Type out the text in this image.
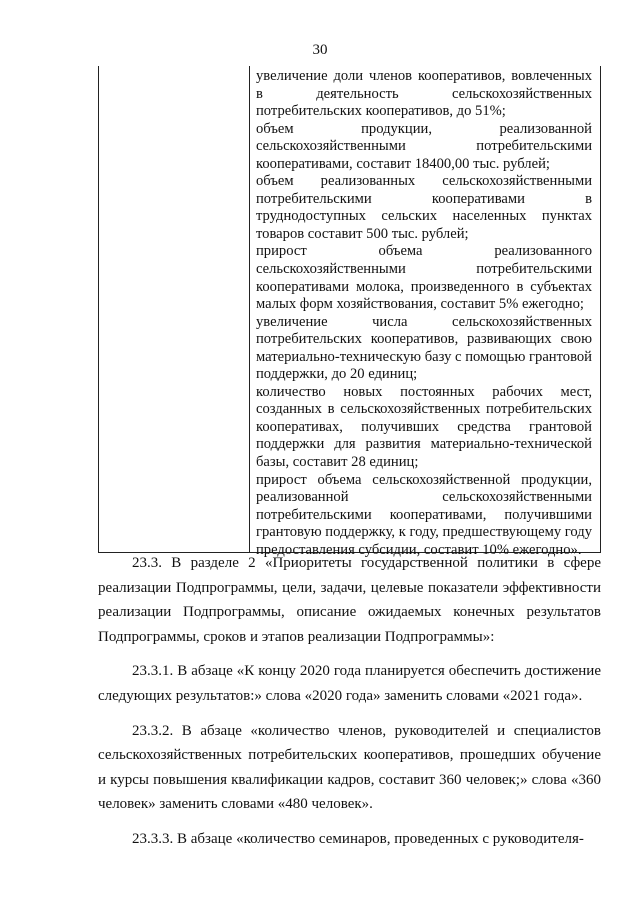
30

увеличение доли членов кооперативов, вовлеченных в деятельность сельскохозяйственных потребительских кооперативов, до 51%;

объем продукции, реализованной сельскохозяйственными потребительскими кооперативами, составит 18400,00 тыс. рублей;

объем реализованных сельскохозяйственными потребительскими кооперативами в труднодоступных сельских населенных пунктах товаров составит 500 тыс. рублей;

прирост объема реализованного сельскохозяйственными потребительскими кооперативами молока, произведенного в субъектах малых форм хозяйствования, составит 5% ежегодно;

увеличение числа сельскохозяйственных потребительских кооперативов, развивающих свою материально-техническую базу с помощью грантовой поддержки, до 20 единиц;

количество новых постоянных рабочих мест, созданных в сельскохозяйственных потребительских кооперативах, получивших средства грантовой поддержки для развития материально-технической базы, составит 28 единиц;

прирост объема сельскохозяйственной продукции, реализованной сельскохозяйственными потребительскими кооперативами, получившими грантовую поддержку, к году, предшествующему году предоставления субсидии, составит 10% ежегодно».

23.3. В разделе 2 «Приоритеты государственной политики в сфере реализации Подпрограммы, цели, задачи, целевые показатели эффективности реализации Подпрограммы, описание ожидаемых конечных результатов Подпрограммы, сроков и этапов реализации Подпрограммы»:

23.3.1. В абзаце «К концу 2020 года планируется обеспечить достижение следующих результатов:» слова «2020 года» заменить словами «2021 года».

23.3.2. В абзаце «количество членов, руководителей и специалистов сельскохозяйственных потребительских кооперативов, прошедших обучение и курсы повышения квалификации кадров, составит 360 человек;» слова «360 человек» заменить словами «480 человек».

23.3.3. В абзаце «количество семинаров, проведенных с руководителя-
